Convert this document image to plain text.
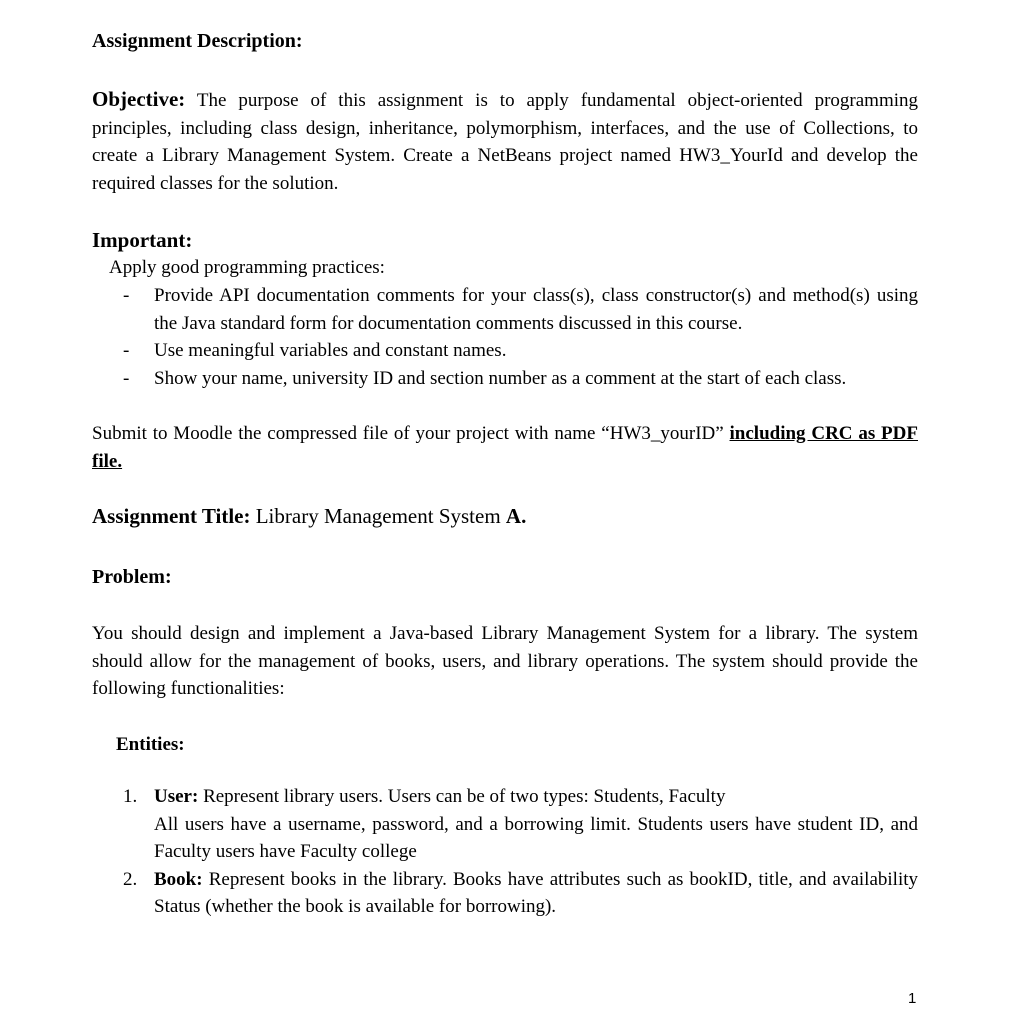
Assignment Description:
Objective: The purpose of this assignment is to apply fundamental object-oriented programming principles, including class design, inheritance, polymorphism, interfaces, and the use of Collections, to create a Library Management System. Create a NetBeans project named HW3_YourId and develop the required classes for the solution.
Important:
Apply good programming practices:
- Provide API documentation comments for your class(s), class constructor(s) and method(s) using the Java standard form for documentation comments discussed in this course.
- Use meaningful variables and constant names.
- Show your name, university ID and section number as a comment at the start of each class.
Submit to Moodle the compressed file of your project with name “HW3_yourID” including CRC as PDF file.
Assignment Title: Library Management System A.
Problem:
You should design and implement a Java-based Library Management System for a library. The system should allow for the management of books, users, and library operations. The system should provide the following functionalities:
Entities:
1. User: Represent library users. Users can be of two types: Students, Faculty
All users have a username, password, and a borrowing limit. Students users have student ID, and Faculty users have Faculty college
2. Book: Represent books in the library. Books have attributes such as bookID, title, and availability Status (whether the book is available for borrowing).
1
